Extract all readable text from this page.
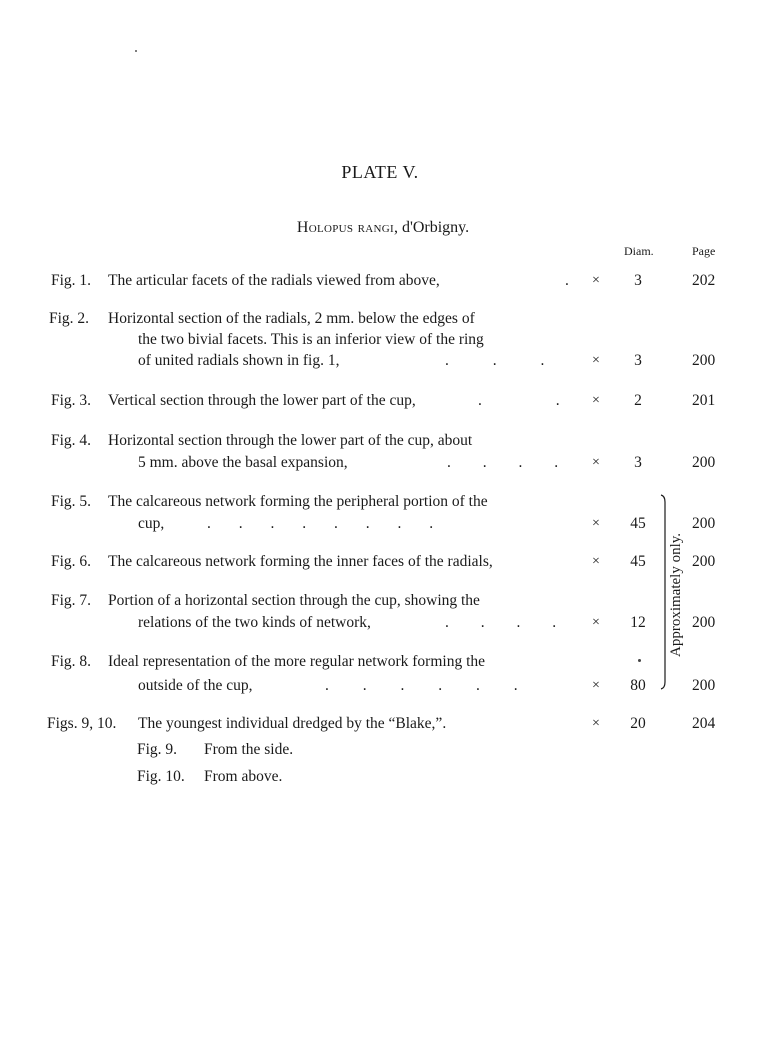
PLATE V.
Holopus rangi, d'Orbigny.
Diam.	Page
Fig. 1. The articular facets of the radials viewed from above,	. ×	3	202
Fig. 2. Horizontal section of the radials, 2 mm. below the edges of
the two bivial facets. This is an inferior view of the ring
of united radials shown in fig. 1,	. . .	×	3	200
Fig. 3. Vertical section through the lower part of the cup,	. . ×	2	201
Fig. 4. Horizontal section through the lower part of the cup, about
5 mm. above the basal expansion,	. . . . ×	3	200
Fig. 5. The calcareous network forming the peripheral portion of the
cup,	. . . . . . . .	× 45	200
Fig. 6. The calcareous network forming the inner faces of the radials,	× 45	200
Fig. 7. Portion of a horizontal section through the cup, showing the
relations of the two kinds of network,	. . . .	× 12	200
Fig. 8. Ideal representation of the more regular network forming the
outside of the cup,	. . . . . .	× 80	200
Figs. 9, 10. The youngest individual dredged by the “Blake,”.	× 20	204
Fig. 9. From the side.
Fig. 10. From above.
Approximately only.
